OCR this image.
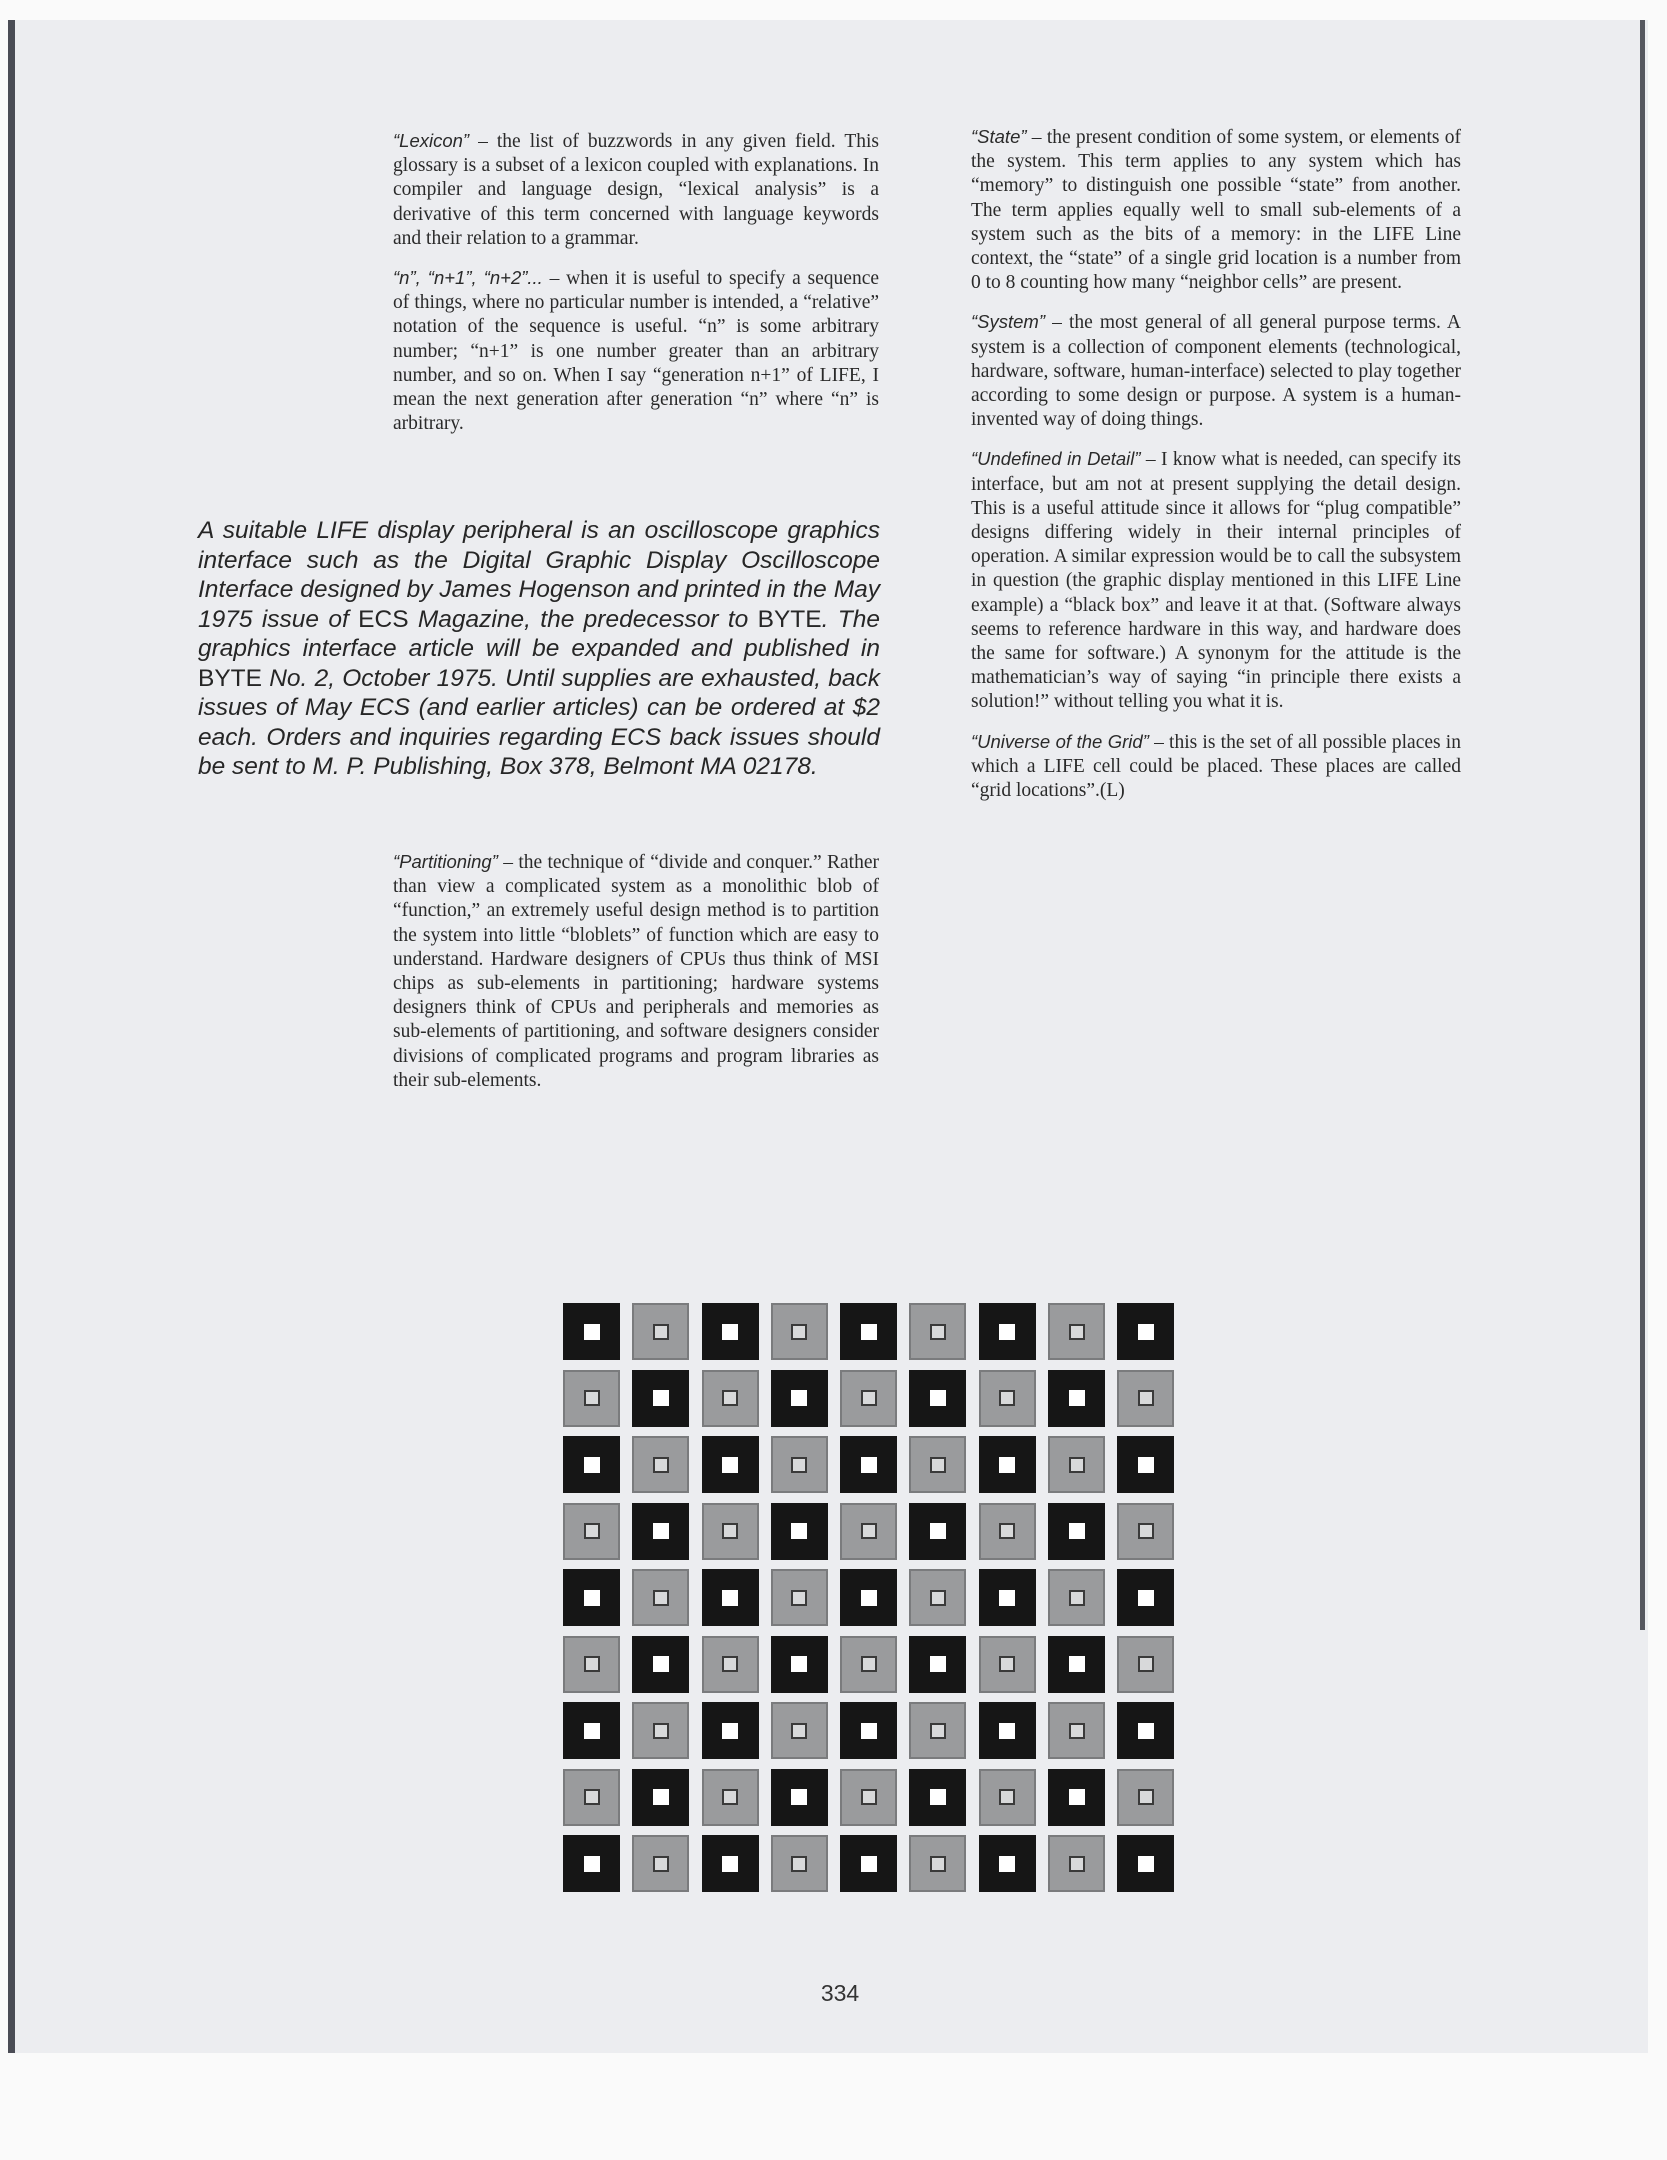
“Lexicon” – the list of buzzwords in any given field. This glossary is a subset of a lexicon coupled with explanations. In compiler and language design, “lexical analysis” is a derivative of this term concerned with language keywords and their relation to a grammar.

“n”, “n+1”, “n+2”... – when it is useful to specify a sequence of things, where no particular number is intended, a “relative” notation of the sequence is useful. “n” is some arbitrary number; “n+1” is one number greater than an arbitrary number, and so on. When I say “generation n+1” of LIFE, I mean the next generation after generation “n” where “n” is arbitrary.

A suitable LIFE display peripheral is an oscilloscope graphics interface such as the Digital Graphic Display Oscilloscope Interface designed by James Hogenson and printed in the May 1975 issue of ECS Magazine, the predecessor to BYTE. The graphics interface article will be expanded and published in BYTE No. 2, October 1975. Until supplies are exhausted, back issues of May ECS (and earlier articles) can be ordered at $2 each. Orders and inquiries regarding ECS back issues should be sent to M. P. Publishing, Box 378, Belmont MA 02178.

“Partitioning” – the technique of “divide and conquer.” Rather than view a complicated system as a monolithic blob of “function,” an extremely useful design method is to partition the system into little “bloblets” of function which are easy to understand. Hardware designers of CPUs thus think of MSI chips as sub-elements in partitioning; hardware systems designers think of CPUs and peripherals and memories as sub-elements of partitioning, and software designers consider divisions of complicated programs and program libraries as their sub-elements.

“State” – the present condition of some system, or elements of the system. This term applies to any system which has “memory” to distinguish one possible “state” from another. The term applies equally well to small sub-elements of a system such as the bits of a memory: in the LIFE Line context, the “state” of a single grid location is a number from 0 to 8 counting how many “neighbor cells” are present.

“System” – the most general of all general purpose terms. A system is a collection of component elements (technological, hardware, software, human-interface) selected to play together according to some design or purpose. A system is a human-invented way of doing things.

“Undefined in Detail” – I know what is needed, can specify its interface, but am not at present supplying the detail design. This is a useful attitude since it allows for “plug compatible” designs differing widely in their internal principles of operation. A similar expression would be to call the subsystem in question (the graphic display mentioned in this LIFE Line example) a “black box” and leave it at that. (Software always seems to reference hardware in this way, and hardware does the same for software.) A synonym for the attitude is the mathematician’s way of saying “in principle there exists a solution!” without telling you what it is.

“Universe of the Grid” – this is the set of all possible places in which a LIFE cell could be placed. These places are called “grid locations”.(L)

334
